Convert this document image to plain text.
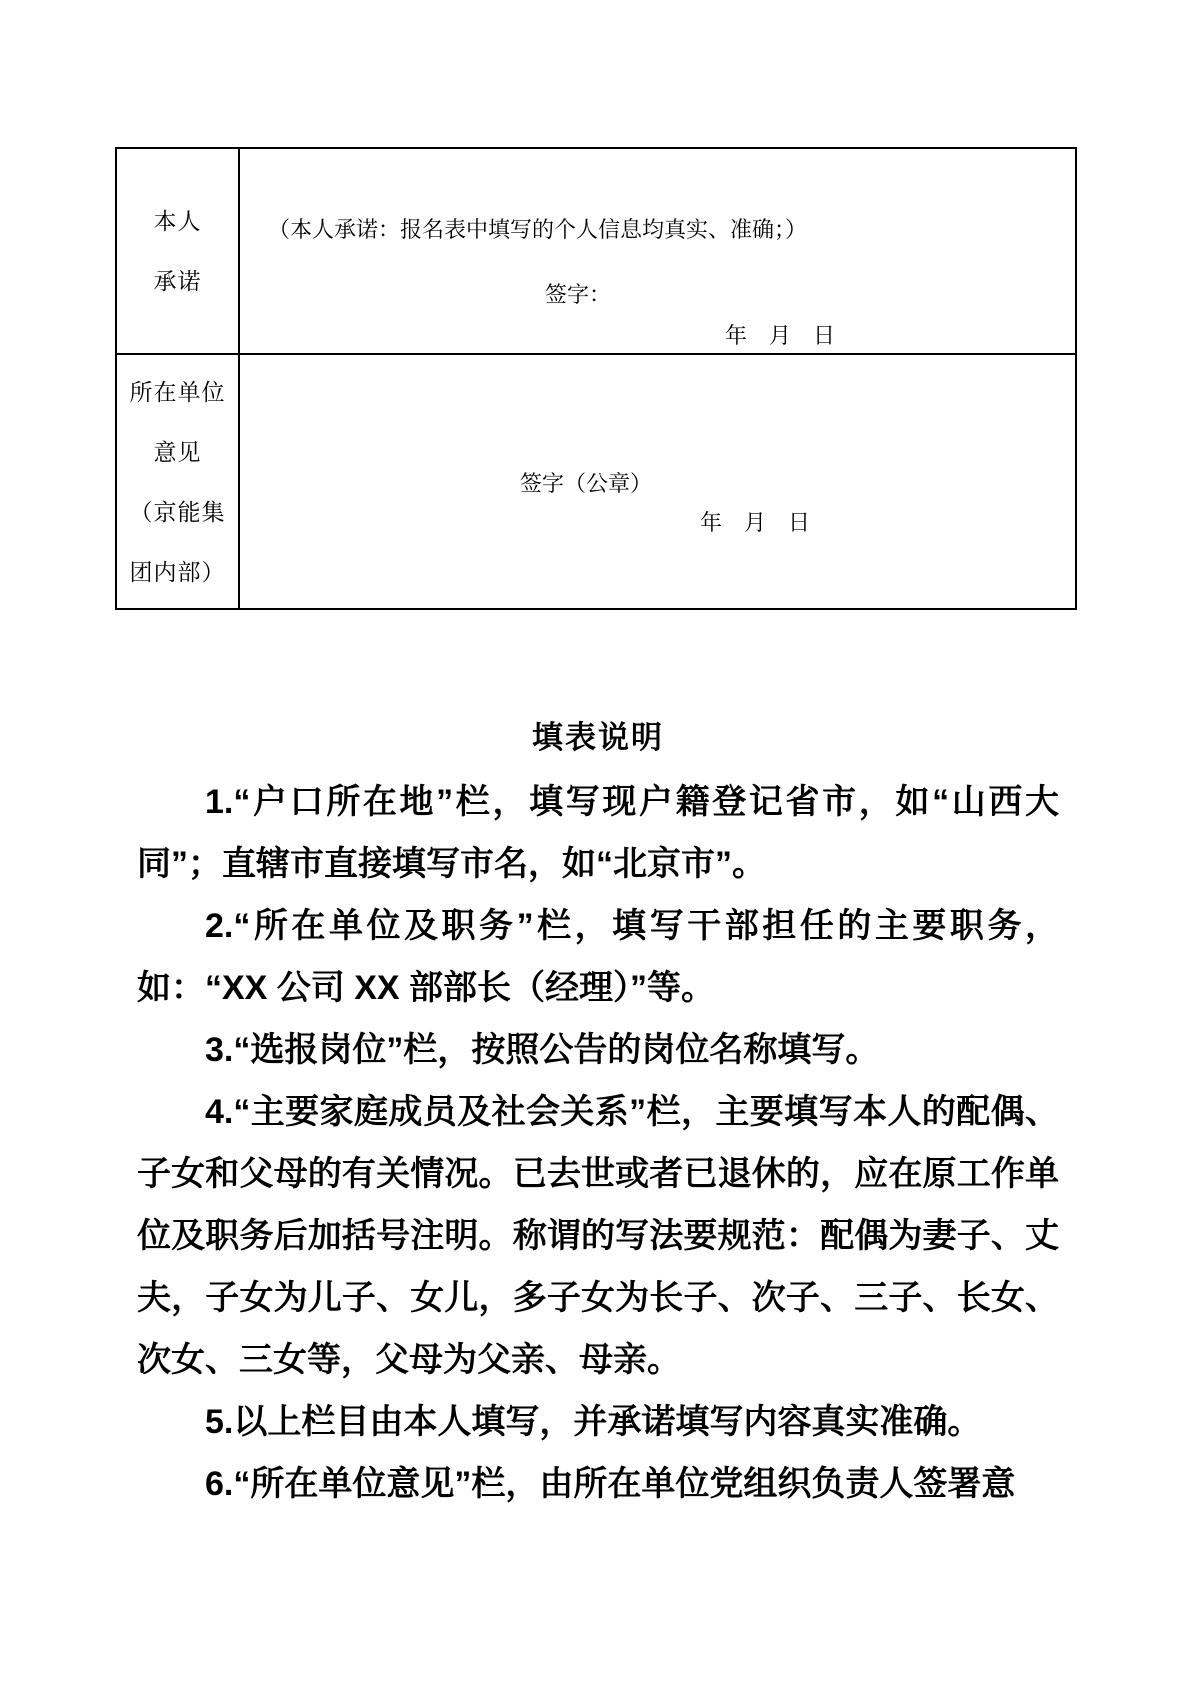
本人
承诺

（本人承诺：报名表中填写的个人信息均真实、准确；）

签字：

年　月　日

所在单位
意见
（京能集
团内部）

签字（公章）

年　月　日

填表说明

1.“户口所在地”栏，填写现户籍登记省市，如“山西大同”；直辖市直接填写市名，如“北京市”。

2.“所在单位及职务”栏，填写干部担任的主要职务，如：“XX 公司 XX 部部长（经理）”等。

3.“选报岗位”栏，按照公告的岗位名称填写。

4.“主要家庭成员及社会关系”栏，主要填写本人的配偶、子女和父母的有关情况。已去世或者已退休的，应在原工作单位及职务后加括号注明。称谓的写法要规范：配偶为妻子、丈夫，子女为儿子、女儿，多子女为长子、次子、三子、长女、次女、三女等，父母为父亲、母亲。

5.以上栏目由本人填写，并承诺填写内容真实准确。

6.“所在单位意见”栏，由所在单位党组织负责人签署意
